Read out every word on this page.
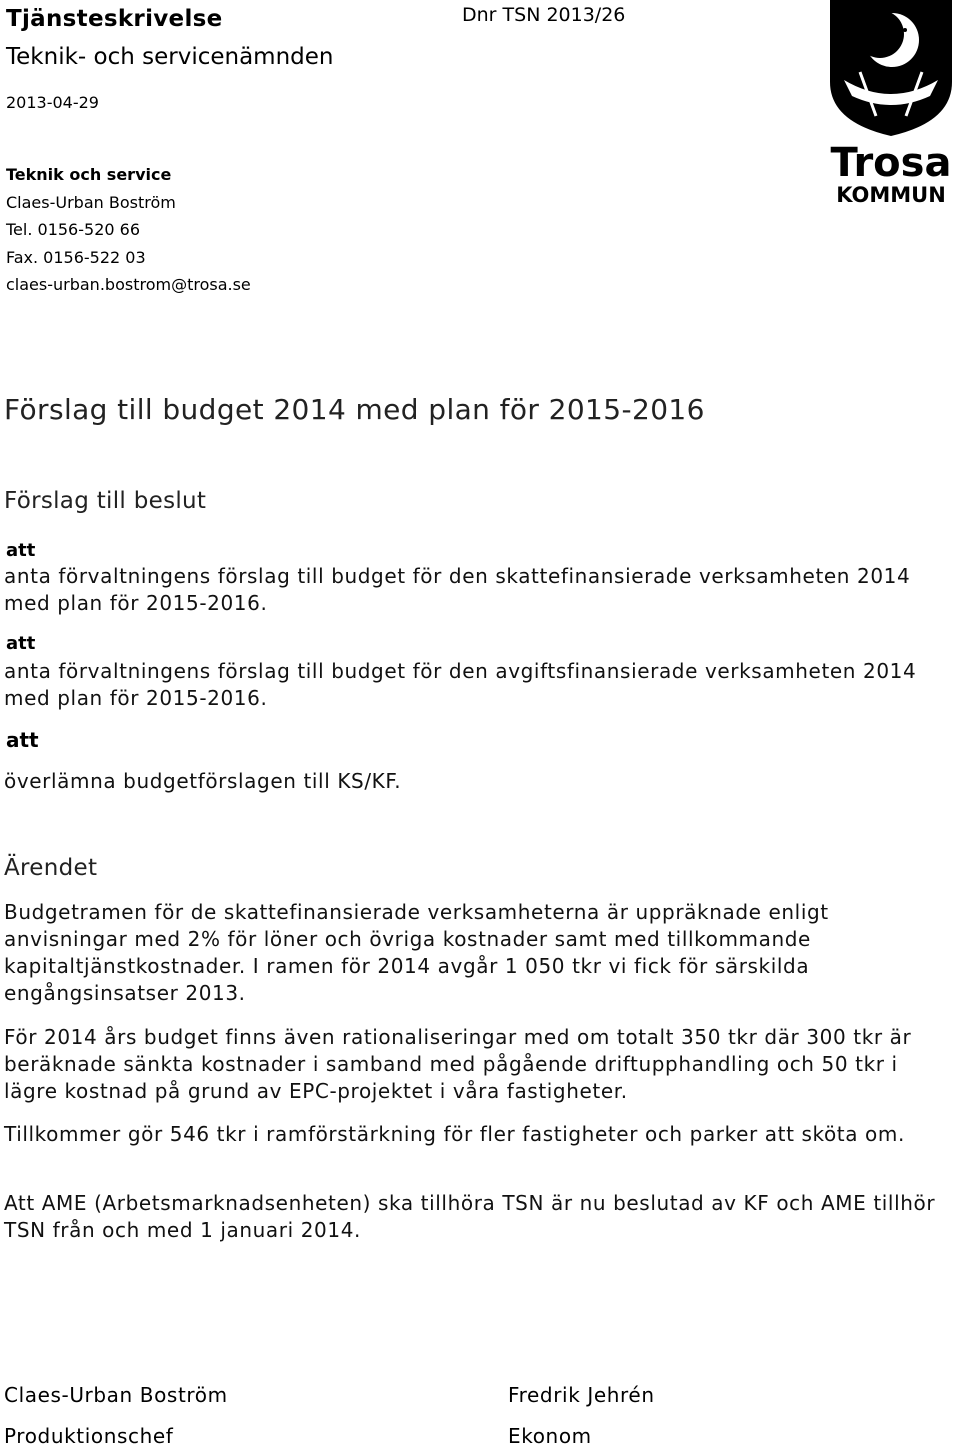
Tjänsteskrivelse
Teknik- och servicenämnden
Dnr TSN 2013/26
2013-04-29
Teknik och service
Claes-Urban Boström
Tel. 0156-520 66
Fax. 0156-522 03
claes-urban.bostrom@trosa.se
Trosa
KOMMUN
Förslag till budget 2014 med plan för 2015-2016
Förslag till beslut
att
anta förvaltningens förslag till budget för den skattefinansierade verksamheten 2014 med plan för 2015-2016.
att
anta förvaltningens förslag till budget för den avgiftsfinansierade verksamheten 2014 med plan för 2015-2016.
att
överlämna budgetförslagen till KS/KF.
Ärendet
Budgetramen för de skattefinansierade verksamheterna är uppräknade enligt anvisningar med 2% för löner och övriga kostnader samt med tillkommande kapitaltjänstkostnader. I ramen för 2014 avgår 1 050 tkr vi fick för särskilda engångsinsatser 2013.
För 2014 års budget finns även rationaliseringar med om totalt 350 tkr där 300 tkr är beräknade sänkta kostnader i samband med pågående driftupphandling och 50 tkr i lägre kostnad på grund av EPC-projektet i våra fastigheter.
Tillkommer gör 546 tkr i ramförstärkning för fler fastigheter och parker att sköta om.
Att AME (Arbetsmarknadsenheten) ska tillhöra TSN är nu beslutad av KF och AME tillhör TSN från och med 1 januari 2014.
Claes-Urban Boström
Produktionschef
Fredrik Jehrén
Ekonom
